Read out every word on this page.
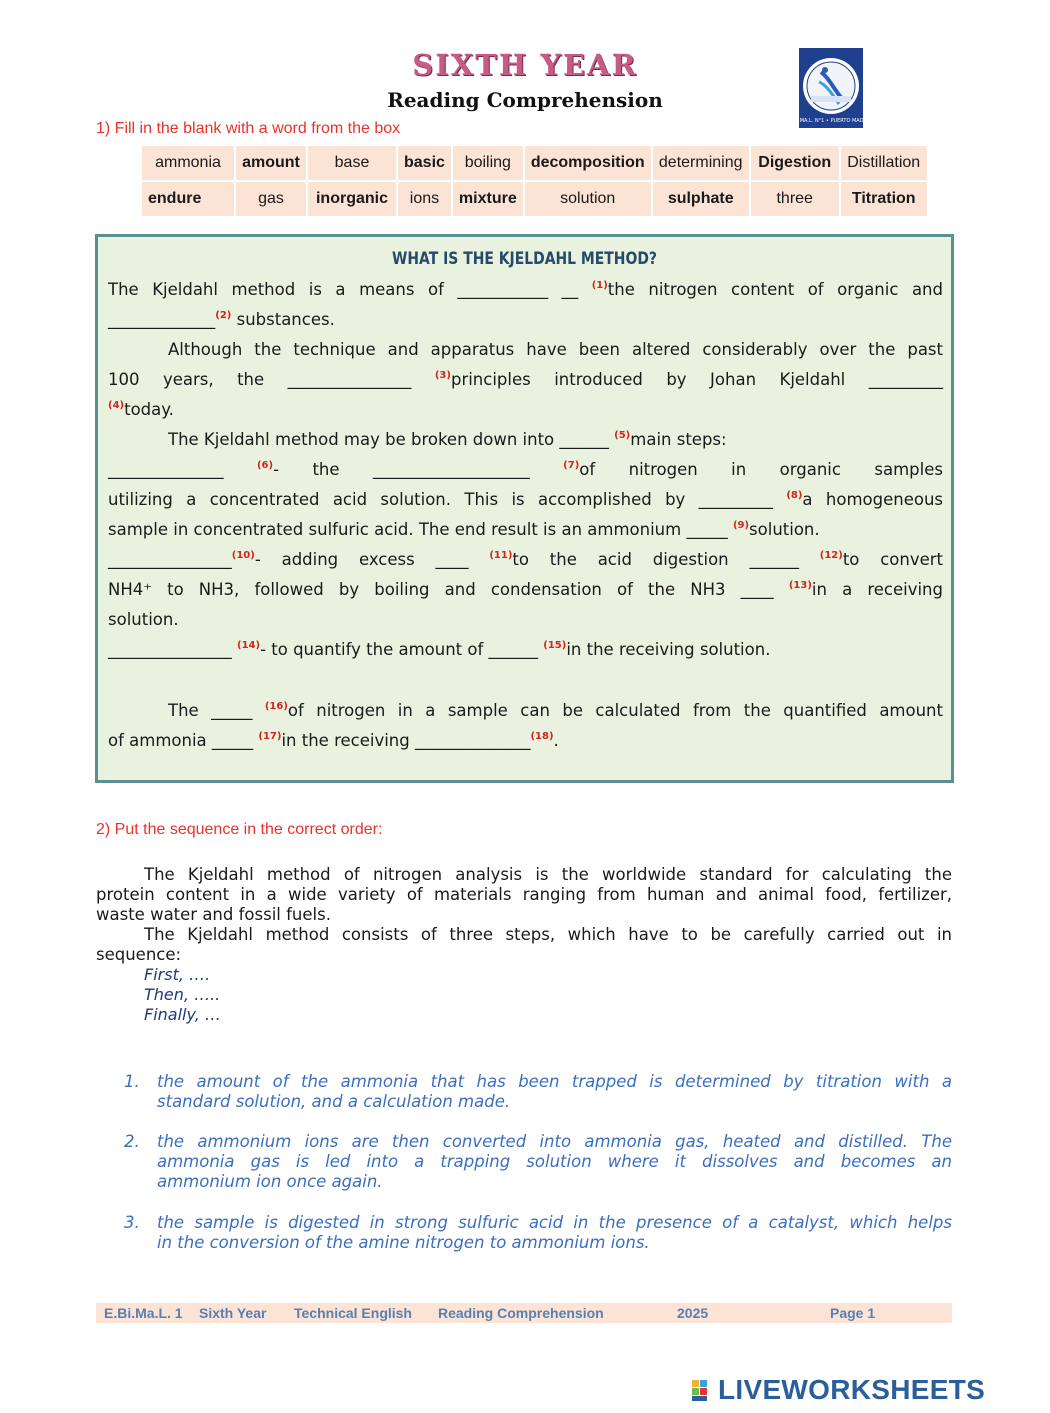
SIXTH YEAR
Reading Comprehension
E.BI.MA.L. N°1 • PUERTO MADRYN
1) Fill in the blank with a word from the box
ammonia	amount	base	basic	boiling	decomposition	determining	Digestion	Distillation
endure	gas	inorganic	ions	mixture	solution	sulphate	three	Titration
WHAT IS THE KJELDAHL METHOD?
The Kjeldahl method is a means of ___________ __ $^{(1)}$the nitrogen content of organic and
_____________$^{(2)}$ substances.
Although the technique and apparatus have been altered considerably over the past
100 years, the _______________ $^{(3)}$principles introduced by Johan Kjeldahl _________
$^{(4)}$today.
The Kjeldahl method may be broken down into ______ $^{(5)}$main steps:
______________ $^{(6)}$- the ___________________ $^{(7)}$of nitrogen in organic samples
utilizing a concentrated acid solution. This is accomplished by _________ $^{(8)}$a homogeneous
sample in concentrated sulfuric acid. The end result is an ammonium _____ $^{(9)}$solution.
_______________$^{(10)}$- adding excess ____ $^{(11)}$to the acid digestion ______ $^{(12)}$to convert
NH4⁺ to NH3, followed by boiling and condensation of the NH3 ____ $^{(13)}$in a receiving
solution.
_______________ $^{(14)}$- to quantify the amount of ______ $^{(15)}$in the receiving solution.
The _____ $^{(16)}$of nitrogen in a sample can be calculated from the quantified amount
of ammonia _____ $^{(17)}$in the receiving ______________$^{(18)}$.
2) Put the sequence in the correct order:
The Kjeldahl method of nitrogen analysis is the worldwide standard for calculating the
protein content in a wide variety of materials ranging from human and animal food, fertilizer,
waste water and fossil fuels.
The Kjeldahl method consists of three steps, which have to be carefully carried out in
sequence:
First, ….
Then, …..
Finally, …
1. the amount of the ammonia that has been trapped is determined by titration with a
standard solution, and a calculation made.
2. the ammonium ions are then converted into ammonia gas, heated and distilled. The
ammonia gas is led into a trapping solution where it dissolves and becomes an
ammonium ion once again.
3. the sample is digested in strong sulfuric acid in the presence of a catalyst, which helps
in the conversion of the amine nitrogen to ammonium ions.
E.Bi.Ma.L. 1 Sixth Year Technical English Reading Comprehension	2025	Page 1
LIVEWORKSHEETS
